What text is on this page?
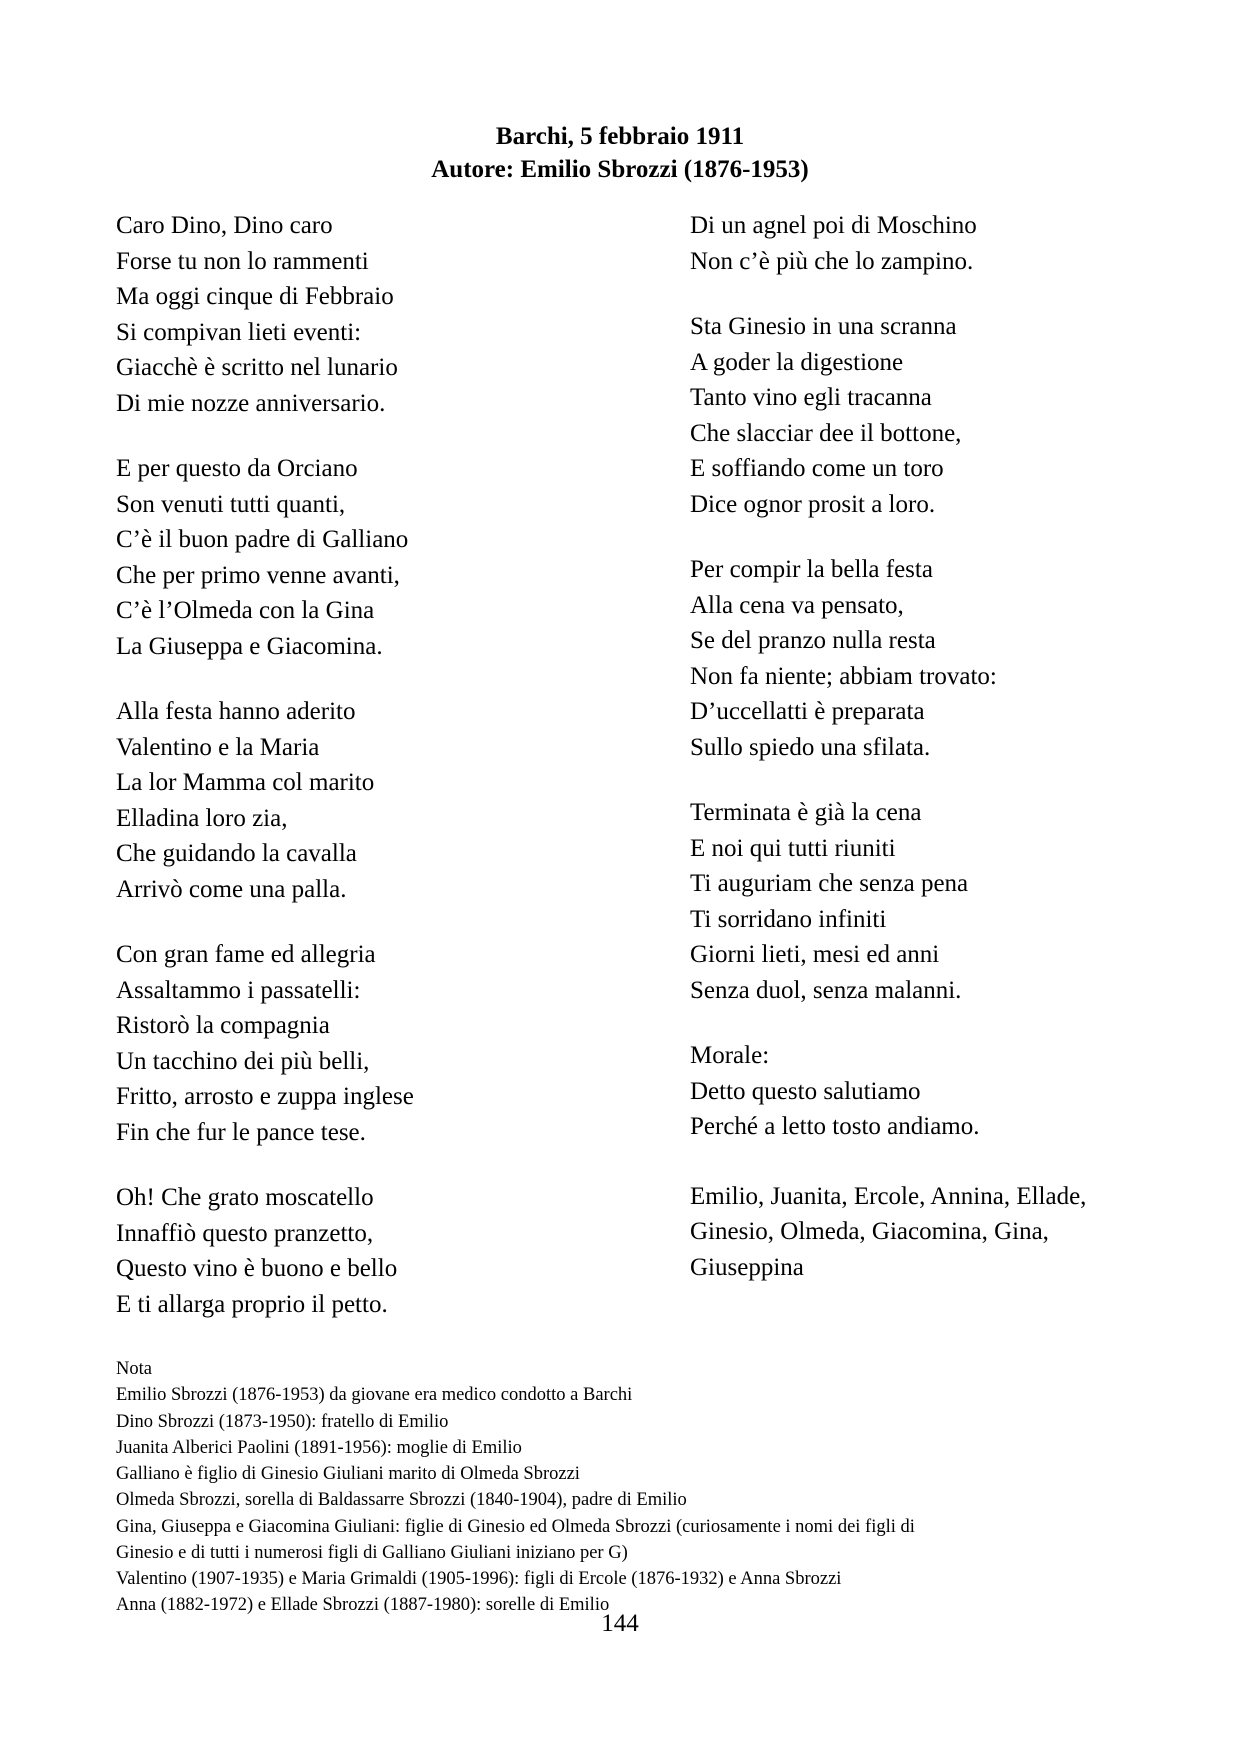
Barchi, 5 febbraio 1911
Autore: Emilio Sbrozzi (1876-1953)

Caro Dino, Dino caro
Forse tu non lo rammenti
Ma oggi cinque di Febbraio
Si compivan lieti eventi:
Giacchè è scritto nel lunario
Di mie nozze anniversario.

E per questo da Orciano
Son venuti tutti quanti,
C’è il buon padre di Galliano
Che per primo venne avanti,
C’è l’Olmeda con la Gina
La Giuseppa e Giacomina.

Alla festa hanno aderito
Valentino e la Maria
La lor Mamma col marito
Elladina loro zia,
Che guidando la cavalla
Arrivò come una palla.

Con gran fame ed allegria
Assaltammo i passatelli:
Ristorò la compagnia
Un tacchino dei più belli,
Fritto, arrosto e zuppa inglese
Fin che fur le pance tese.

Oh! Che grato moscatello
Innaffiò questo pranzetto,
Questo vino è buono e bello
E ti allarga proprio il petto.

Di un agnel poi di Moschino
Non c’è più che lo zampino.

Sta Ginesio in una scranna
A goder la digestione
Tanto vino egli tracanna
Che slacciar dee il bottone,
E soffiando come un toro
Dice ognor prosit a loro.

Per compir la bella festa
Alla cena va pensato,
Se del pranzo nulla resta
Non fa niente; abbiam trovato:
D’uccellatti è preparata
Sullo spiedo una sfilata.

Terminata è già la cena
E noi qui tutti riuniti
Ti auguriam che senza pena
Ti sorridano infiniti
Giorni lieti, mesi ed anni
Senza duol, senza malanni.

Morale:
Detto questo salutiamo
Perché a letto tosto andiamo.

Emilio, Juanita, Ercole, Annina, Ellade,
Ginesio, Olmeda, Giacomina, Gina,
Giuseppina
Nota
Emilio Sbrozzi (1876-1953) da giovane era medico condotto a Barchi
Dino Sbrozzi (1873-1950): fratello di Emilio
Juanita Alberici Paolini (1891-1956): moglie di Emilio
Galliano è figlio di Ginesio Giuliani marito di Olmeda Sbrozzi
Olmeda Sbrozzi, sorella di Baldassarre Sbrozzi (1840-1904), padre di Emilio
Gina, Giuseppa e Giacomina Giuliani: figlie di Ginesio ed Olmeda Sbrozzi (curiosamente i nomi dei figli di
Ginesio e di tutti i numerosi figli di Galliano Giuliani iniziano per G)
Valentino (1907-1935) e Maria Grimaldi (1905-1996): figli di Ercole (1876-1932) e Anna Sbrozzi
Anna (1882-1972) e Ellade Sbrozzi (1887-1980): sorelle di Emilio
144
